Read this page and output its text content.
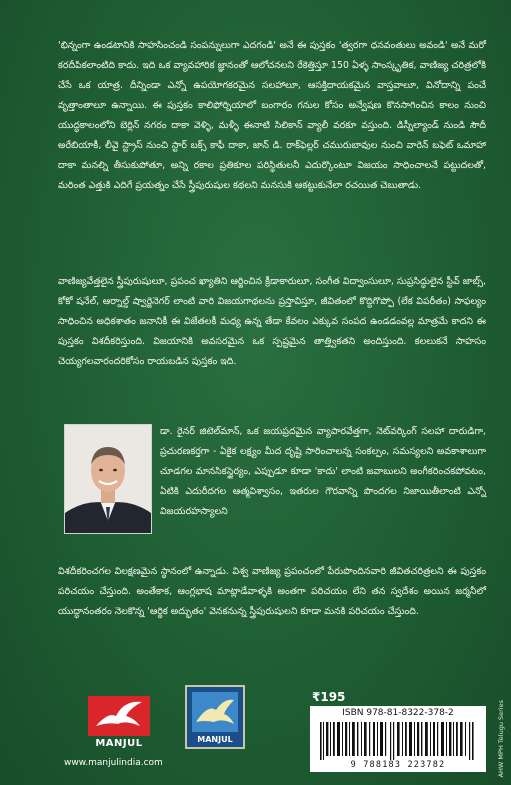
'భిన్నంగా ఉండటానికి సాహసించండి సంపన్నులుగా ఎదగండి' అనే ఈ పుస్తకం 'త్వరగా ధనవంతులు అవండి' అనే మరో కరదీపికలాంటిది కాదు. ఇది ఒక వ్యావహారిక జ్ఞానంతో ఆలోచనలని రేకెత్తిస్తూ 150 ఏళ్ళ సాంస్కృతిక, వాణిజ్య చరిత్రలోకి చేసే ఒక యాత్ర. దీన్నిండా ఎన్నో ఉపయోగకరమైన సలహాలూ, ఆసక్తిదాయకమైన వాస్తవాలూ, వినోదాన్ని పంచే వృత్తాంతాలూ ఉన్నాయి. ఈ పుస్తకం కాలిఫోర్నియాలో బంగారం గనుల కోసం అన్వేషణ కొనసాగించిన కాలం నుంచి యుద్ధకాలంలోని బెర్లిన్ నగరం దాకా వెళ్ళి, మళ్ళీ ఈనాటి సిలికాన్ వ్యాలీ వరకూ వస్తుంది. డిస్నీల్యాండ్ నుండి సౌదీ అరేబియాకీ, లీవై స్ట్రాస్ నుంచి స్టార్ బక్స్ కాఫీ దాకా, జాన్ డి. రాక్‌ఫెల్లర్ చమురుబావుల నుంచి వారెన్ బఫెట్ ఒమాహా దాకా మనల్ని తీసుకుపోతూ, అన్ని రకాల ప్రతికూల పరిస్థితులనీ ఎదుర్కొంటూ విజయం సాధించాలనే పట్టుదలతో, మరింత ఎత్తుకి ఎదిగే ప్రయత్నం చేసే స్త్రీపురుషుల కథలని మనసుకి ఆకట్టుకునేలా రచయిత చెబుతాడు.
వాణిజ్యవేత్తలైన స్త్రీపురుషులూ, ప్రపంచ ఖ్యాతిని ఆర్జించిన క్రీడాకారులూ, సంగీత విద్వాంసులూ, సుప్రసిద్ధులైన స్టీవ్ జాబ్స్, కోకో షనేల్, ఆర్నాల్డ్ ష్వార్జెనెగర్ లాంటి వారి విజయగాథలను ప్రస్తావిస్తూ, జీవితంలో కొద్దిగొప్పో (లేక విపరీతం) సాఫల్యం సాధించిన అధికశాతం జనానికీ ఈ విజేతలకీ మధ్య ఉన్న తేడా కేవలం ఎక్కువ సంపద ఉండడంవల్ల మాత్రమే కాదని ఈ పుస్తకం విశదీకరిస్తుంది. విజయానికి అవసరమైన ఒక స్పష్టమైన తాత్త్వికతని అందిస్తుంది. కలలుకనే సాహసం చెయ్యగలవారందరికోసం రాయబడిన పుస్తకం ఇది.
డా. రైనర్ జిటెల్‌మాన్, ఒక జయప్రదమైన వ్యాపారవేత్తగా, నెట్‌వర్కింగ్ సలహా దారుడిగా, ప్రచురణకర్తగా - ఏకైక లక్ష్యం మీద దృష్టి సారించాలన్న సంకల్పం, సమస్యలని అవకాశాలుగా చూడగల మానసికస్థైర్యం, ఎప్పుడూ కూడా 'కాదు' లాంటి జవాబులని అంగీకరించకపోవటం, ఏటికి ఎదురీదగల ఆత్మవిశ్వాసం, ఇతరుల గౌరవాన్ని పొందగల నిజాయితీలాంటి ఎన్నో విజయరహస్యాలని
విశదీకరించగల విలక్షణమైన స్థానంలో ఉన్నాడు. విశ్వ వాణిజ్య ప్రపంచంలో పేరుపొందినవారి జీవితచరిత్రలని ఈ పుస్తకం పరిచయం చేస్తుంది. అంతేకాక, ఆంగ్లభాష మాట్లాడేవాళ్ళకి అంతగా పరిచయం లేని తన స్వదేశం అయిన జర్మనీలో యుద్ధానంతరం నెలకొన్న 'ఆర్థిక అద్భుతం' వెనకనున్న స్త్రీపురుషులని కూడా మనకి పరిచయం చేస్తుంది.
MANJUL	MANJUL
www.manjulindia.com
₹195
ISBN 978-81-8322-378-2
9 788183 223782	AHW MPH Telugu Series
